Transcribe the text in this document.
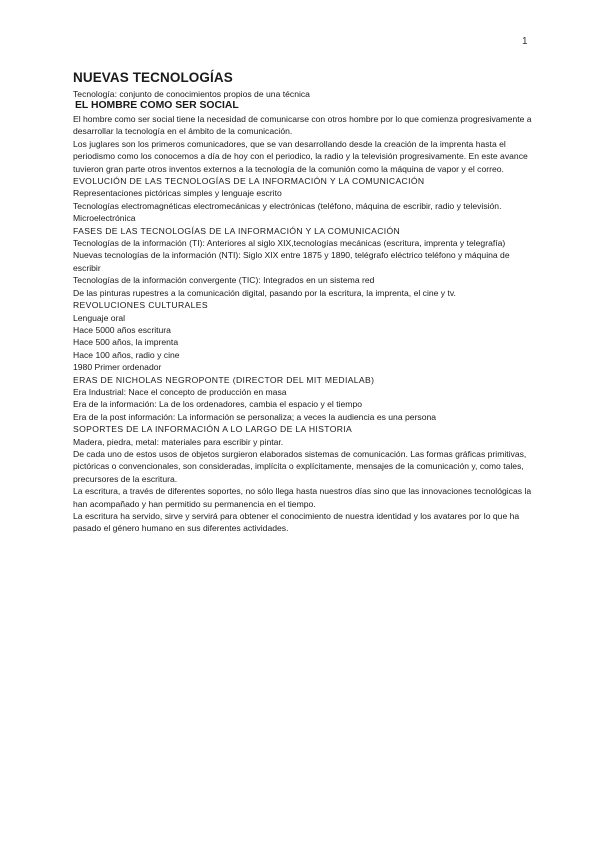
1
NUEVAS TECNOLOGÍAS

Tecnología: conjunto de conocimientos propios de una técnica

EL HOMBRE COMO SER SOCIAL

El hombre como ser social tiene la necesidad de comunicarse con otros hombre por lo que comienza progresivamente a desarrollar la tecnología en el ámbito de la comunicación.

Los juglares son los primeros comunicadores, que se van desarrollando desde la creación de la imprenta hasta el periodismo como los conocemos a día de hoy con el periodico, la radio y la televisión progresivamente. En este avance tuvieron gran parte otros inventos externos a la tecnología de la comunión como la máquina de vapor y el correo.

EVOLUCIÓN DE LAS TECNOLOGÍAS DE LA INFORMACIÓN Y LA COMUNICACIÓN

Representaciones pictóricas simples y lenguaje escrito

Tecnologías electromagnéticas electromecánicas y electrónicas (teléfono, máquina de escribir, radio y televisión.

Microelectrónica

FASES DE LAS TECNOLOGÍAS DE LA INFORMACIÓN Y LA COMUNICACIÓN

Tecnologías de la información (TI): Anteriores al siglo XIX,tecnologías mecánicas (escritura, imprenta y telegrafía)

Nuevas tecnologías de la información (NTI): Siglo XIX entre 1875 y 1890, telégrafo eléctrico teléfono y máquina de escribir

Tecnologías de la información convergente (TIC): Integrados en un sistema red

De las pinturas rupestres a la comunicación digital, pasando por la escritura, la imprenta, el cine y tv.

REVOLUCIONES CULTURALES

Lenguaje oral

Hace 5000 años escritura

Hace 500 años, la imprenta

Hace 100 años, radio y cine

1980 Primer ordenador

ERAS DE NICHOLAS NEGROPONTE (DIRECTOR DEL MIT MEDIALAB)

Era Industrial: Nace el concepto de producción en masa

Era de la información: La de los ordenadores, cambia el espacio y el tiempo

Era de la post información: La información se personaliza; a veces la audiencia es una persona

SOPORTES DE LA INFORMACIÓN A LO LARGO DE LA HISTORIA

Madera, piedra, metal: materiales para escribir y pintar.

De cada uno de estos usos de objetos surgieron elaborados sistemas de comunicación. Las formas gráficas primitivas, pictóricas o convencionales, son consideradas, implícita o explícitamente, mensajes de la comunicación y, como tales, precursores de la escritura.

La escritura, a través de diferentes soportes, no sólo llega hasta nuestros días sino que las innovaciones tecnológicas la han acompañado y han permitido su permanencia en el tiempo.

La escritura ha servido, sirve y servirá para obtener el conocimiento de nuestra identidad y los avatares por lo que ha pasado el género humano en sus diferentes actividades.
